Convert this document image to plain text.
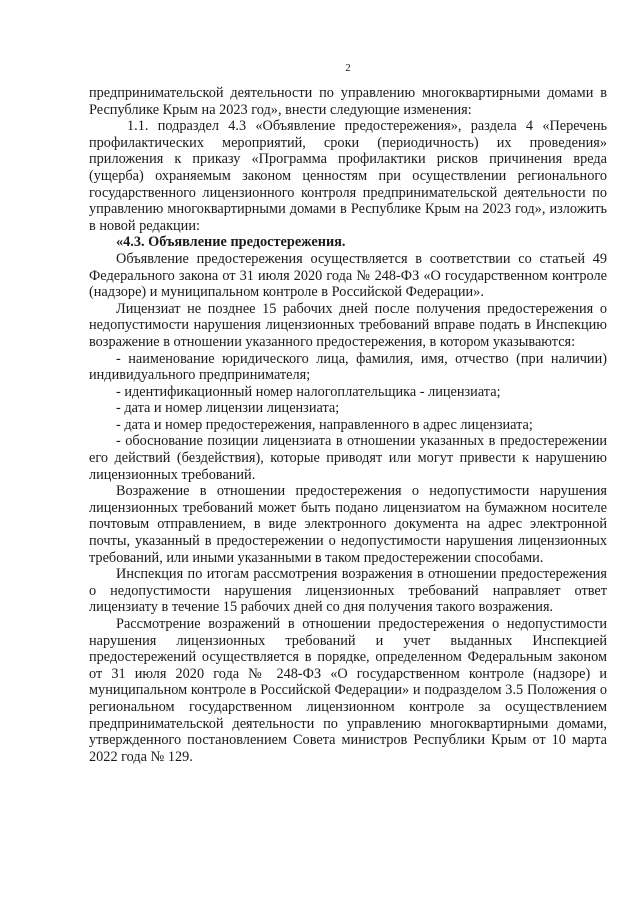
2

предпринимательской деятельности по управлению многоквартирными домами в Республике Крым на 2023 год», внести следующие изменения:

1.1. подраздел 4.3 «Объявление предостережения», раздела 4 «Перечень профилактических мероприятий, сроки (периодичность) их проведения» приложения к приказу «Программа профилактики рисков причинения вреда (ущерба) охраняемым законом ценностям при осуществлении регионального государственного лицензионного контроля предпринимательской деятельности по управлению многоквартирными домами в Республике Крым на 2023 год», изложить в новой редакции:

«4.3. Объявление предостережения.

Объявление предостережения осуществляется в соответствии со статьей 49 Федерального закона от 31 июля 2020 года № 248-ФЗ «О государственном контроле (надзоре) и муниципальном контроле в Российской Федерации».

Лицензиат не позднее 15 рабочих дней после получения предостережения о недопустимости нарушения лицензионных требований вправе подать в Инспекцию возражение в отношении указанного предостережения, в котором указываются:

- наименование юридического лица, фамилия, имя, отчество (при наличии) индивидуального предпринимателя;

- идентификационный номер налогоплательщика - лицензиата;

- дата и номер лицензии лицензиата;

- дата и номер предостережения, направленного в адрес лицензиата;

- обоснование позиции лицензиата в отношении указанных в предостережении его действий (бездействия), которые приводят или могут привести к нарушению лицензионных требований.

Возражение в отношении предостережения о недопустимости нарушения лицензионных требований может быть подано лицензиатом на бумажном носителе почтовым отправлением, в виде электронного документа на адрес электронной почты, указанный в предостережении о недопустимости нарушения лицензионных требований, или иными указанными в таком предостережении способами.

Инспекция по итогам рассмотрения возражения в отношении предостережения о недопустимости нарушения лицензионных требований направляет ответ лицензиату в течение 15 рабочих дней со дня получения такого возражения.

Рассмотрение возражений в отношении предостережения о недопустимости нарушения лицензионных требований и учет выданных Инспекцией предостережений осуществляется в порядке, определенном Федеральным законом от 31 июля 2020 года № 248-ФЗ «О государственном контроле (надзоре) и муниципальном контроле в Российской Федерации» и подразделом 3.5 Положения о региональном государственном лицензионном контроле за осуществлением предпринимательской деятельности по управлению многоквартирными домами, утвержденного постановлением Совета министров Республики Крым от 10 марта 2022 года № 129.
